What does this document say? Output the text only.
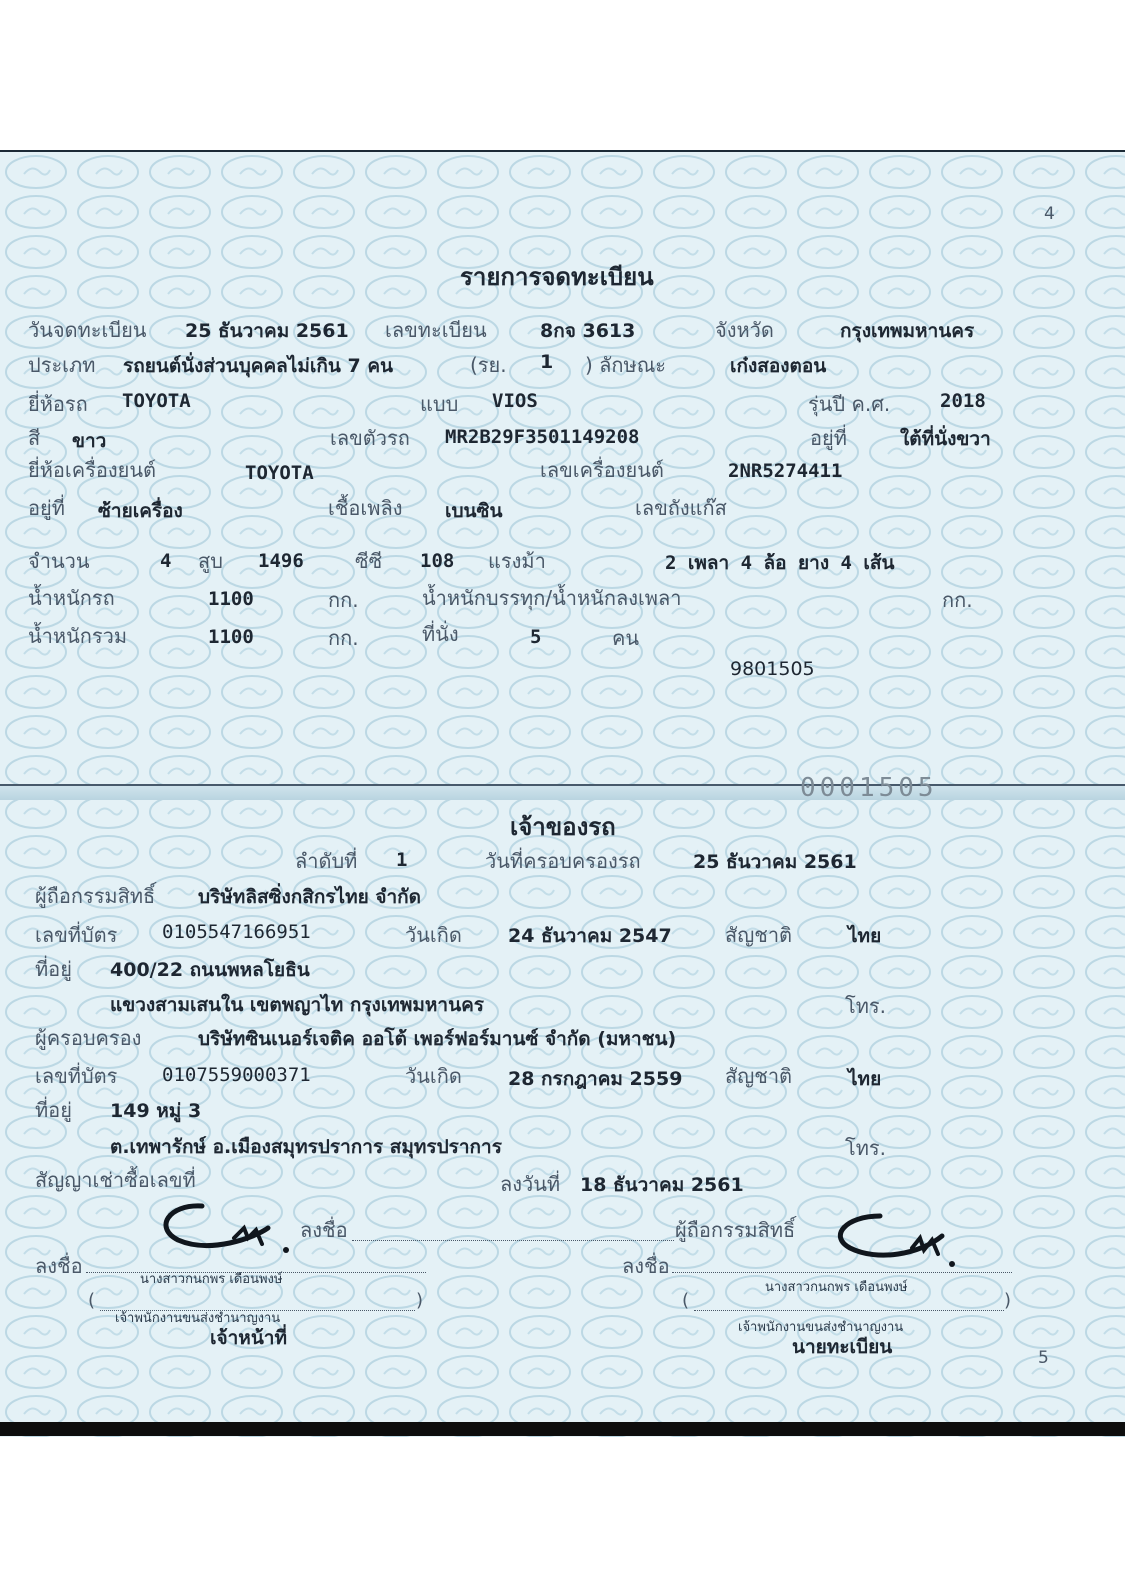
0001505
4
รายการจดทะเบียน
วันจดทะเบียน 25 ธันวาคม 2561 เลขทะเบียน	8กจ 3613	จังหวัด	กรุงเทพมหานคร
ประเภท รถยนต์นั่งส่วนบุคคลไม่เกิน 7 คน	(รย. 1 ) ลักษณะ	เก๋งสองตอน
ยี่ห้อรถ TOYOTA	แบบ VIOS	รุ่นปี ค.ศ.	2018
สี ขาว	เลขตัวรถ MR2B29F3501149208	อยู่ที่	ใต้ที่นั่งขวา
ยี่ห้อเครื่องยนต์	TOYOTA	เลขเครื่องยนต์	2NR5274411
อยู่ที่ ซ้ายเครื่อง	เชื้อเพลิง เบนซิน	เลขถังแก๊ส
จำนวน	4 สูบ 1496	ซีซี 108 แรงม้า	2 เพลา 4 ล้อ ยาง 4 เส้น
น้ำหนักรถ	1100	กก.	น้ำหนักบรรทุก/น้ำหนักลงเพลา	กก.
น้ำหนักรวม	1100	กก.	ที่นั่ง	5	คน
9801505
เจ้าของรถ
ลำดับที่ 1	วันที่ครอบครองรถ	25 ธันวาคม 2561
ผู้ถือกรรมสิทธิ์ บริษัทลิสซิ่งกสิกรไทย จำกัด
เลขที่บัตร 0105547166951	วันเกิด 24 ธันวาคม 2547	สัญชาติ	ไทย
ที่อยู่ 400/22 ถนนพหลโยธิน
แขวงสามเสนใน เขตพญาไท กรุงเทพมหานคร	โทร.
ผู้ครอบครอง	บริษัทซินเนอร์เจติค ออโต้ เพอร์ฟอร์มานซ์ จำกัด (มหาชน)
เลขที่บัตร 0107559000371	วันเกิด 28 กรกฎาคม 2559 สัญชาติ	ไทย
ที่อยู่ 149 หมู่ 3
ต.เทพารักษ์ อ.เมืองสมุทรปราการ สมุทรปราการ	โทร.
สัญญาเช่าซื้อเลขที่	ลงวันที่ 18 ธันวาคม 2561
ลงชื่อ	ผู้ถือกรรมสิทธิ์
ลงชื่อ
นางสาวกนกพร เดือนพงษ์
(	)
เจ้าพนักงานขนส่งชำนาญงาน
เจ้าหน้าที่
ลงชื่อ
นางสาวกนกพร เดือนพงษ์
(	)
เจ้าพนักงานขนส่งชำนาญงาน
นายทะเบียน	5
